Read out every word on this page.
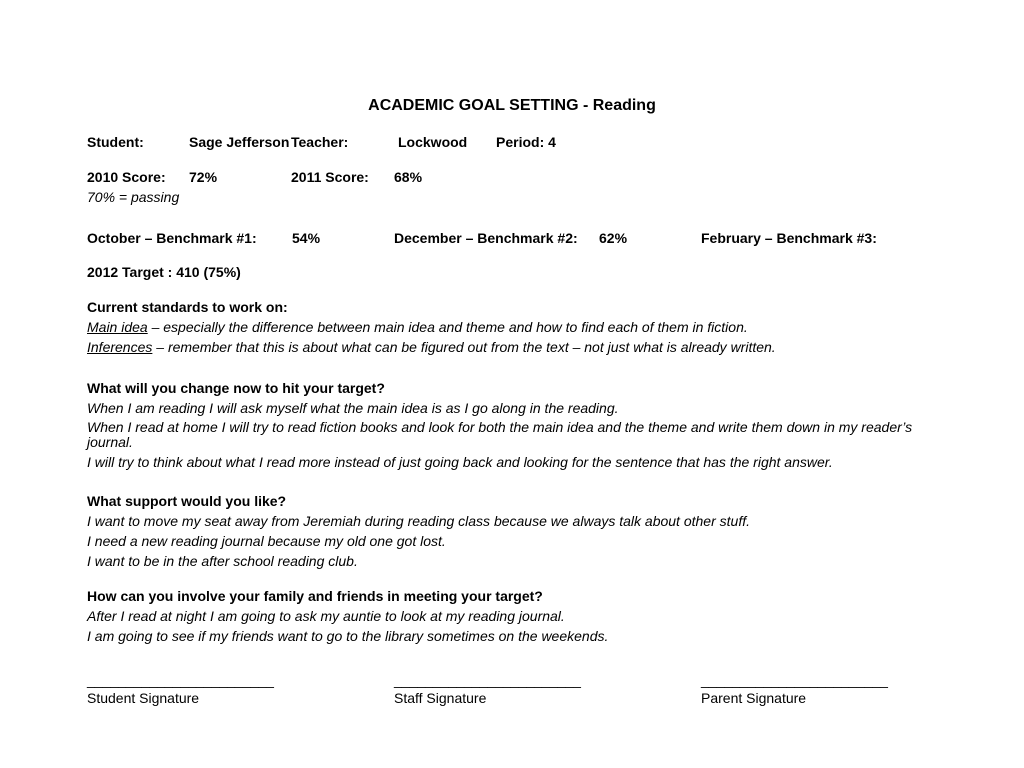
ACADEMIC GOAL SETTING - Reading
Student:	Sage Jefferson Teacher:	Lockwood Period: 4
2010 Score: 72%	2011 Score: 68%
70% = passing
October – Benchmark #1:	54%	December – Benchmark #2: 62%	February – Benchmark #3:
2012 Target : 410 (75%)

Current standards to work on:

Main idea – especially the difference between main idea and theme and how to find each of them in fiction.

Inferences – remember that this is about what can be figured out from the text – not just what is already written.

What will you change now to hit your target?

When I am reading I will ask myself what the main idea is as I go along in the reading.

When I read at home I will try to read fiction books and look for both the main idea and the theme and write them down in my reader’s journal.

I will try to think about what I read more instead of just going back and looking for the sentence that has the right answer.

What support would you like?

I want to move my seat away from Jeremiah during reading class because we always talk about other stuff.

I need a new reading journal because my old one got lost.

I want to be in the after school reading club.

How can you involve your family and friends in meeting your target?

After I read at night I am going to ask my auntie to look at my reading journal.

I am going to see if my friends want to go to the library sometimes on the weekends.

________________________	________________________	________________________
Student Signature	Staff Signature	Parent Signature
